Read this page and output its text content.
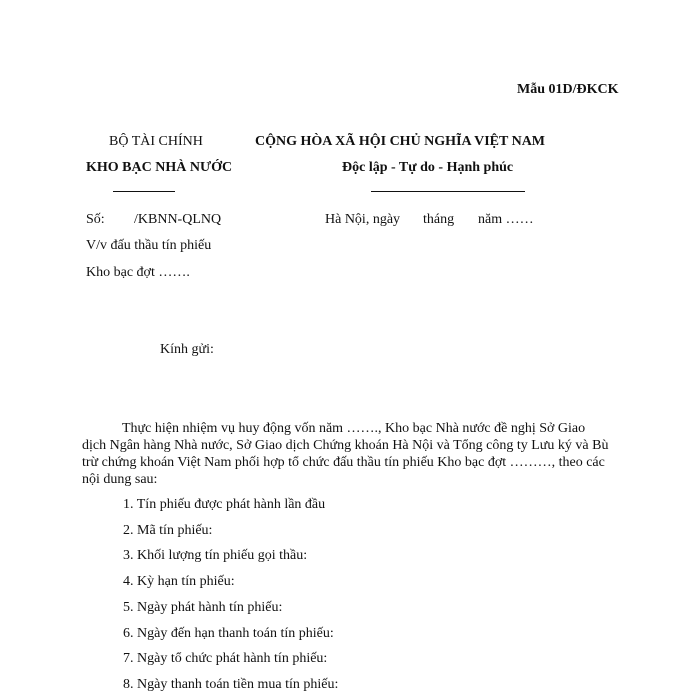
Mẫu 01D/ĐKCK
BỘ TÀI CHÍNH
KHO BẠC NHÀ NƯỚC
CỘNG HÒA XÃ HỘI CHỦ NGHĨA VIỆT NAM
Độc lập - Tự do - Hạnh phúc
Số: /KBNN-QLNQ	Hà Nội, ngày tháng năm ……
V/v đấu thầu tín phiếu
Kho bạc đợt …….
Kính gửi:
Thực hiện nhiệm vụ huy động vốn năm ……., Kho bạc Nhà nước đề nghị Sở Giao dịch Ngân hàng Nhà nước, Sở Giao dịch Chứng khoán Hà Nội và Tổng công ty Lưu ký và Bù trừ chứng khoán Việt Nam phối hợp tổ chức đấu thầu tín phiếu Kho bạc đợt ………, theo các nội dung sau:
1. Tín phiếu được phát hành lần đầu
2. Mã tín phiếu:
3. Khối lượng tín phiếu gọi thầu:
4. Kỳ hạn tín phiếu:
5. Ngày phát hành tín phiếu:
6. Ngày đến hạn thanh toán tín phiếu:
7. Ngày tổ chức phát hành tín phiếu:
8. Ngày thanh toán tiền mua tín phiếu:
